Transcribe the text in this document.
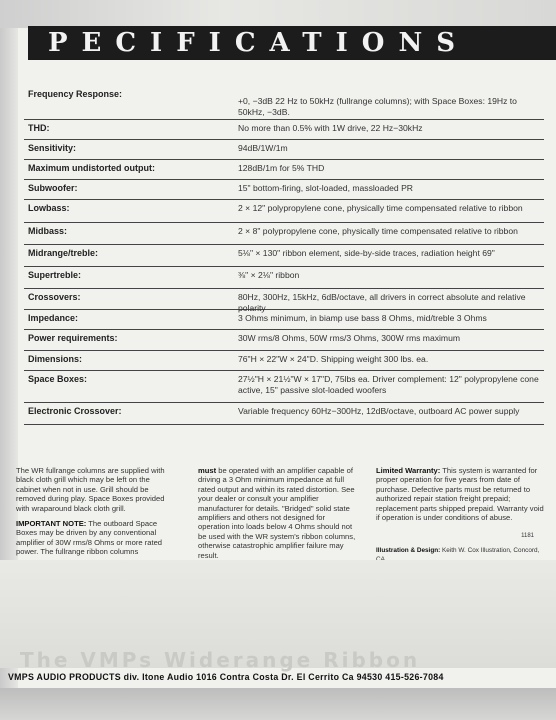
PECIFICATIONS
Frequency Response:
+0, −3dB 22 Hz to 50kHz (fullrange columns); with Space Boxes: 19Hz to 50kHz, −3dB.
THD:	No more than 0.5% with 1W drive, 22 Hz−30kHz
Sensitivity:	94dB/1W/1m
Maximum undistorted output:	128dB/1m for 5% THD
Subwoofer:	15" bottom-firing, slot-loaded, massloaded PR
Lowbass:	2 × 12" polypropylene cone, physically time compensated relative to ribbon
Midbass:	2 × 8" polypropylene cone, physically time compensated relative to ribbon
Midrange/treble:	5⅛" × 130" ribbon element, side-by-side traces, radiation height 69"
Supertreble:	⅜" × 2⅛" ribbon
Crossovers:	80Hz, 300Hz, 15kHz, 6dB/octave, all drivers in correct absolute and relative polarity
Impedance:	3 Ohms minimum, in biamp use bass 8 Ohms, mid/treble 3 Ohms
Power requirements:	30W rms/8 Ohms, 50W rms/3 Ohms, 300W rms maximum
Dimensions:	76"H × 22"W × 24"D. Shipping weight 300 lbs. ea.
Space Boxes:	27½"H × 21½"W × 17"D, 75lbs ea. Driver complement: 12" polypropylene cone active, 15" passive slot-loaded woofers
Electronic Crossover:	Variable frequency 60Hz−300Hz, 12dB/octave, outboard AC power supply

The WR fullrange columns are supplied with black cloth grill which may be left on the cabinet when not in use. Grill should be removed during play. Space Boxes provided with wraparound black cloth grill.

IMPORTANT NOTE: The outboard Space Boxes may be driven by any conventional amplifier of 30W rms/8 Ohms or more rated power. The fullrange ribbon columns

must be operated with an amplifier capable of driving a 3 Ohm minimum impedance at full rated output and within its rated distortion. See your dealer or consult your amplifier manufacturer for details. "Bridged" solid state amplifiers and others not designed for operation into loads below 4 Ohms should not be used with the WR system's ribbon columns, otherwise catastrophic amplifier failure may result.

Limited Warranty: This system is warranted for proper operation for five years from date of purchase. Defective parts must be returned to authorized repair station freight prepaid; replacement parts shipped prepaid. Warranty void if operation is under conditions of abuse.

1181

Illustration & Design: Keith W. Cox Illustration, Concord,

The VMPs Widerange Ribbon
VMPS AUDIO PRODUCTS div. Itone Audio 1016 Contra Costa Dr. El Cerrito Ca 94530 415-526-7084
